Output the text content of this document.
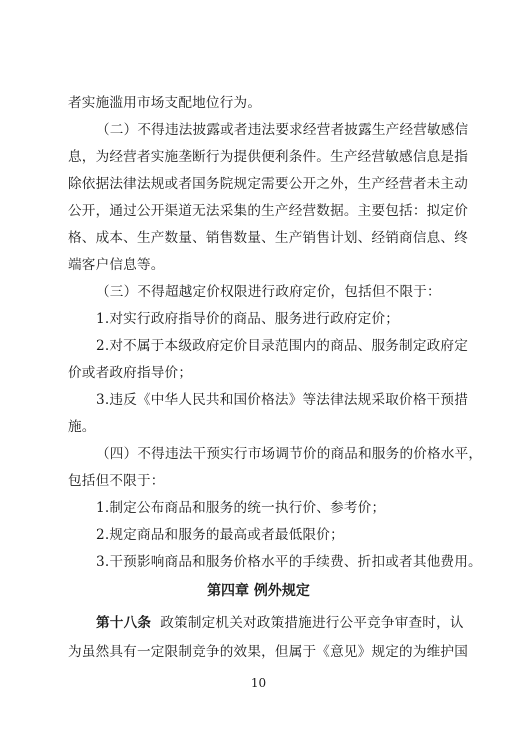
者实施滥用市场支配地位行为。
（二）不得违法披露或者违法要求经营者披露生产经营敏感信
息，为经营者实施垄断行为提供便利条件。生产经营敏感信息是指
除依据法律法规或者国务院规定需要公开之外，生产经营者未主动
公开，通过公开渠道无法采集的生产经营数据。主要包括：拟定价
格、成本、生产数量、销售数量、生产销售计划、经销商信息、终
端客户信息等。
（三）不得超越定价权限进行政府定价，包括但不限于：
1.对实行政府指导价的商品、服务进行政府定价；
2.对不属于本级政府定价目录范围内的商品、服务制定政府定
价或者政府指导价；
3.违反《中华人民共和国价格法》等法律法规采取价格干预措
施。
（四）不得违法干预实行市场调节价的商品和服务的价格水平，
包括但不限于：
1.制定公布商品和服务的统一执行价、参考价；
2.规定商品和服务的最高或者最低限价；
3.干预影响商品和服务价格水平的手续费、折扣或者其他费用。
10
第四章 例外规定
第十八条  政策制定机关对政策措施进行公平竞争审查时，认
为虽然具有一定限制竞争的效果，但属于《意见》规定的为维护国
